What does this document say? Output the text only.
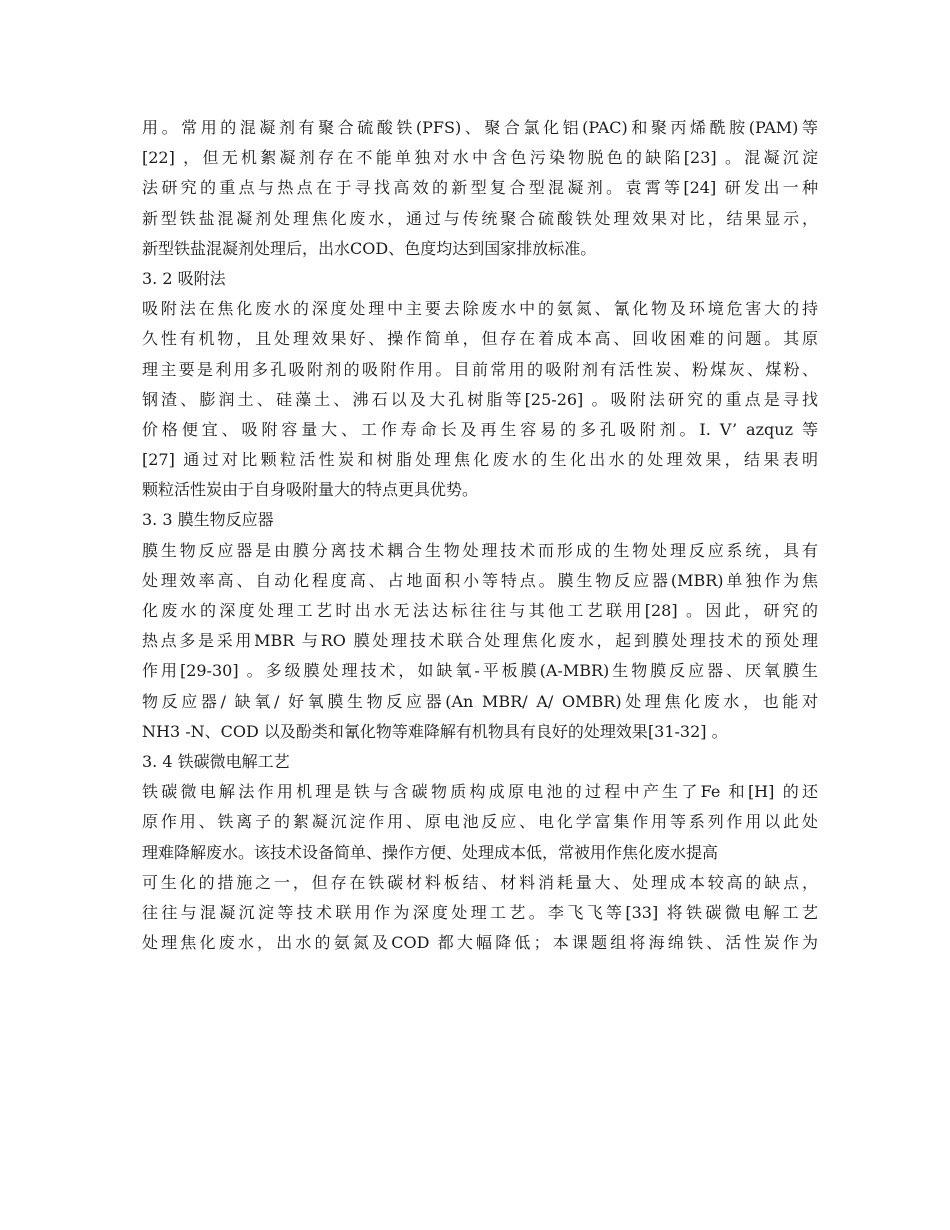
用。常用的混凝剂有聚合硫酸铁(PFS)、聚合氯化铝(PAC)和聚丙烯酰胺(PAM)等
[22] ，但无机絮凝剂存在不能单独对水中含色污染物脱色的缺陷[23] 。混凝沉淀
法研究的重点与热点在于寻找高效的新型复合型混凝剂。袁霄等[24] 研发出一种
新型铁盐混凝剂处理焦化废水，通过与传统聚合硫酸铁处理效果对比，结果显示，
新型铁盐混凝剂处理后，出水COD、色度均达到国家排放标准。
3. 2 吸附法
吸附法在焦化废水的深度处理中主要去除废水中的氨氮、氰化物及环境危害大的持
久性有机物，且处理效果好、操作简单，但存在着成本高、回收困难的问题。其原
理主要是利用多孔吸附剂的吸附作用。目前常用的吸附剂有活性炭、粉煤灰、煤粉、
钢渣、膨润土、硅藻土、沸石以及大孔树脂等[25-26] 。吸附法研究的重点是寻找
价格便宜、吸附容量大、工作寿命长及再生容易的多孔吸附剂。I. V’ azquz 等
[27] 通过对比颗粒活性炭和树脂处理焦化废水的生化出水的处理效果，结果表明
颗粒活性炭由于自身吸附量大的特点更具优势。
3. 3 膜生物反应器
膜生物反应器是由膜分离技术耦合生物处理技术而形成的生物处理反应系统，具有
处理效率高、自动化程度高、占地面积小等特点。膜生物反应器(MBR)单独作为焦
化废水的深度处理工艺时出水无法达标往往与其他工艺联用[28] 。因此，研究的
热点多是采用MBR 与RO 膜处理技术联合处理焦化废水，起到膜处理技术的预处理
作用[29-30] 。多级膜处理技术，如缺氧-平板膜(A-MBR)生物膜反应器、厌氧膜生
物反应器/ 缺氧/ 好氧膜生物反应器(An MBR/ A/ OMBR)处理焦化废水，也能对
NH3 -N、COD 以及酚类和氰化物等难降解有机物具有良好的处理效果[31-32] 。
3. 4 铁碳微电解工艺
铁碳微电解法作用机理是铁与含碳物质构成原电池的过程中产生了Fe 和[H] 的还
原作用、铁离子的絮凝沉淀作用、原电池反应、电化学富集作用等系列作用以此处
理难降解废水。该技术设备简单、操作方便、处理成本低，常被用作焦化废水提高
可生化的措施之一，但存在铁碳材料板结、材料消耗量大、处理成本较高的缺点，
往往与混凝沉淀等技术联用作为深度处理工艺。李飞飞等[33] 将铁碳微电解工艺
处理焦化废水，出水的氨氮及COD 都大幅降低；本课题组将海绵铁、活性炭作为
